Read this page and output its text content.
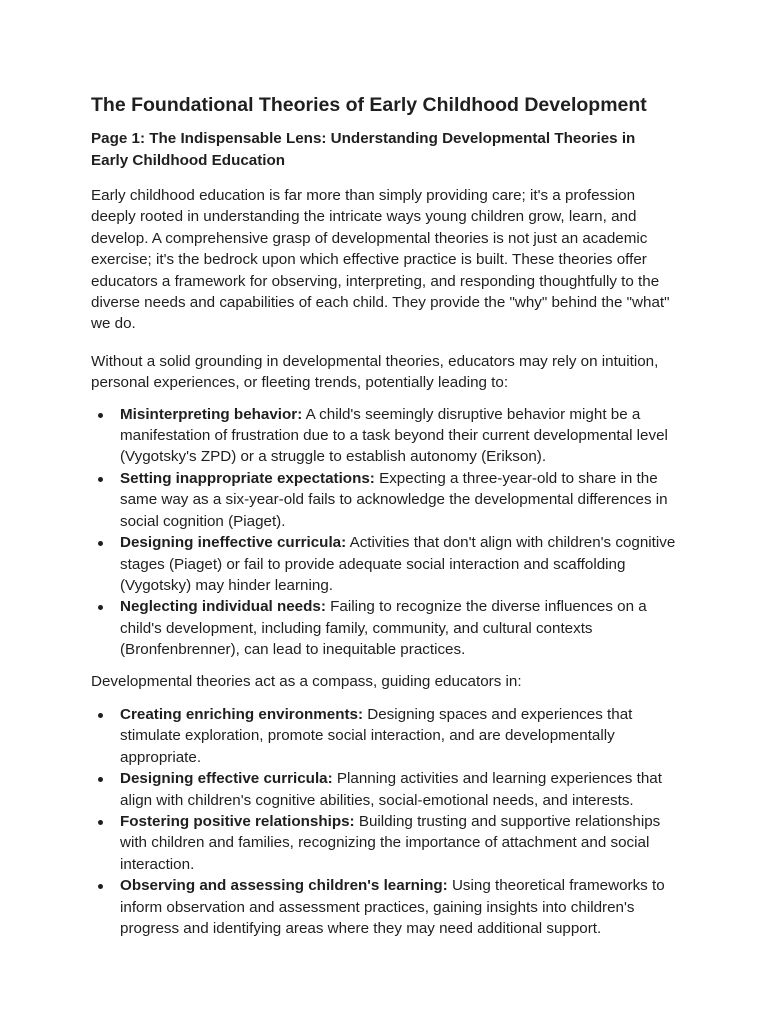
The Foundational Theories of Early Childhood Development
Page 1: The Indispensable Lens: Understanding Developmental Theories in Early Childhood Education

Early childhood education is far more than simply providing care; it's a profession deeply rooted in understanding the intricate ways young children grow, learn, and develop. A comprehensive grasp of developmental theories is not just an academic exercise; it's the bedrock upon which effective practice is built. These theories offer educators a framework for observing, interpreting, and responding thoughtfully to the diverse needs and capabilities of each child. They provide the "why" behind the "what" we do.

Without a solid grounding in developmental theories, educators may rely on intuition, personal experiences, or fleeting trends, potentially leading to:

Misinterpreting behavior: A child's seemingly disruptive behavior might be a manifestation of frustration due to a task beyond their current developmental level (Vygotsky's ZPD) or a struggle to establish autonomy (Erikson).
Setting inappropriate expectations: Expecting a three-year-old to share in the same way as a six-year-old fails to acknowledge the developmental differences in social cognition (Piaget).
Designing ineffective curricula: Activities that don't align with children's cognitive stages (Piaget) or fail to provide adequate social interaction and scaffolding (Vygotsky) may hinder learning.
Neglecting individual needs: Failing to recognize the diverse influences on a child's development, including family, community, and cultural contexts (Bronfenbrenner), can lead to inequitable practices.

Developmental theories act as a compass, guiding educators in:

Creating enriching environments: Designing spaces and experiences that stimulate exploration, promote social interaction, and are developmentally appropriate.
Designing effective curricula: Planning activities and learning experiences that align with children's cognitive abilities, social-emotional needs, and interests.
Fostering positive relationships: Building trusting and supportive relationships with children and families, recognizing the importance of attachment and social interaction.
Observing and assessing children's learning: Using theoretical frameworks to inform observation and assessment practices, gaining insights into children's progress and identifying areas where they may need additional support.
